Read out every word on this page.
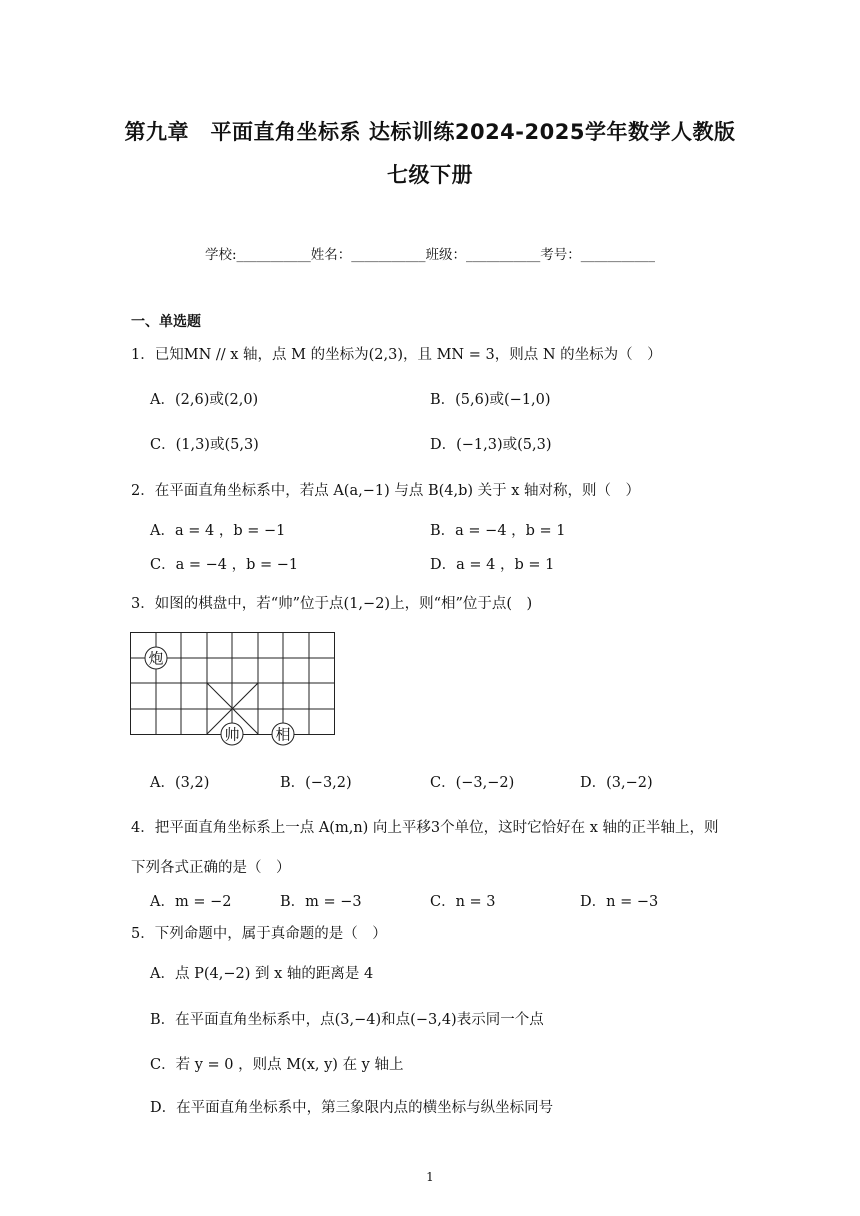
第九章　平面直角坐标系 达标训练2024-2025学年数学人教版
七级下册
学校:___________姓名：___________班级：___________考号：___________
一、单选题
1．已知MN // x 轴，点 M 的坐标为(2,3)，且 MN = 3，则点 N 的坐标为（　）
A．(2,6)或(2,0)	B．(5,6)或(−1,0)
C．(1,3)或(5,3)	D．(−1,3)或(5,3)
2．在平面直角坐标系中，若点 A(a,−1) 与点 B(4,b) 关于 x 轴对称，则（　）
A．a = 4 ，b = −1	B．a = −4 ，b = 1
C．a = −4 ，b = −1	D．a = 4 ，b = 1
3．如图的棋盘中，若“帅”位于点(1,−2)上，则“相”位于点(　)
炮
帅 相
A．(3,2)	B．(−3,2)	C．(−3,−2)	D．(3,−2)
4．把平面直角坐标系上一点 A(m,n) 向上平移3个单位，这时它恰好在 x 轴的正半轴上，则
下列各式正确的是（　）
A．m = −2	B．m = −3	C．n = 3	D．n = −3
5．下列命题中，属于真命题的是（　）
A．点 P(4,−2) 到 x 轴的距离是 4
B．在平面直角坐标系中，点(3,−4)和点(−3,4)表示同一个点
C．若 y = 0 ，则点 M(x, y) 在 y 轴上
D．在平面直角坐标系中，第三象限内点的横坐标与纵坐标同号
1
